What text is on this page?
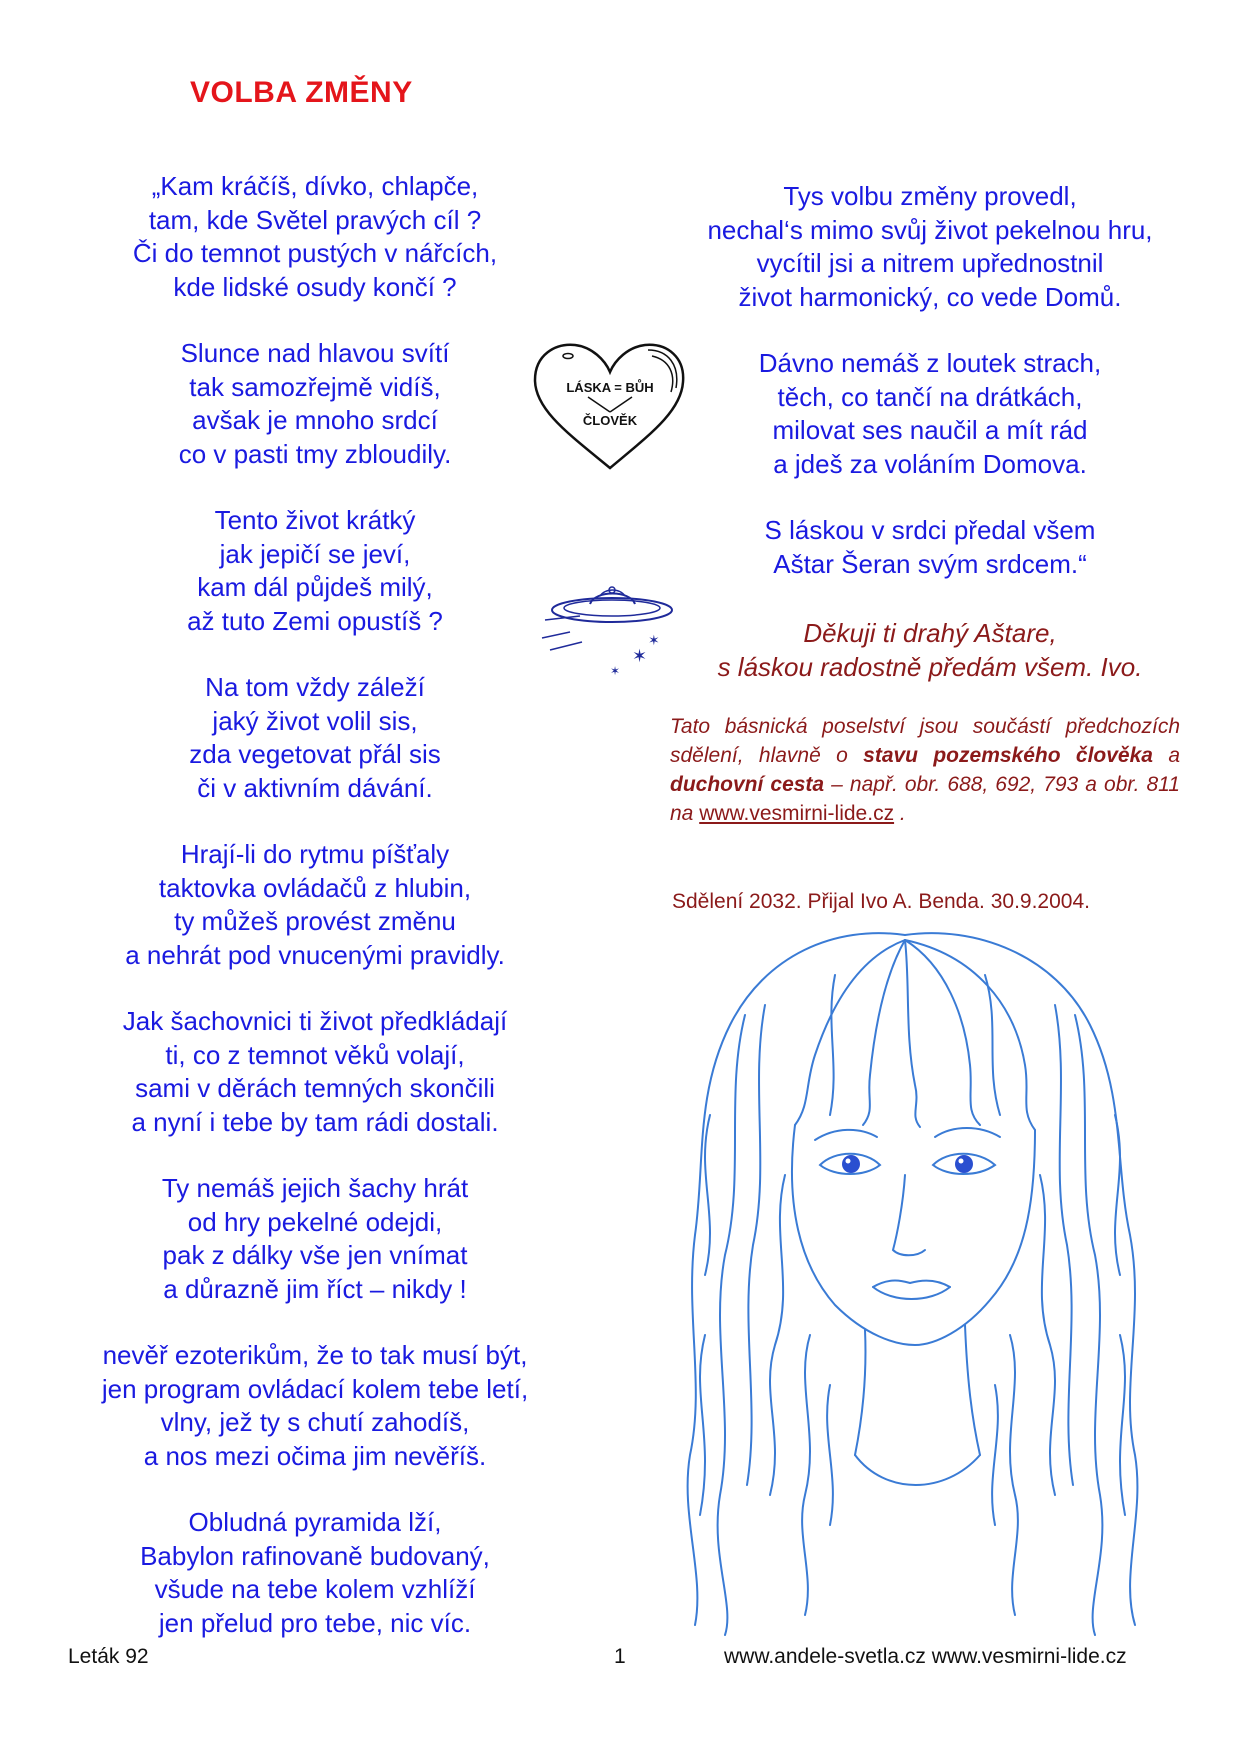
VOLBA ZMĚNY
„Kam kráčíš, dívko, chlapče,
tam, kde Světel pravých cíl ?
Či do temnot pustých v nářcích,
kde lidské osudy končí ?
Slunce nad hlavou svítí
tak samozřejmě vidíš,
avšak je mnoho srdcí
co v pasti tmy zbloudily.
Tento život krátký
jak jepičí se jeví,
kam dál půjdeš milý,
až tuto Zemi opustíš ?
Na tom vždy záleží
jaký život volil sis,
zda vegetovat přál sis
či v aktivním dávání.
Hrají-li do rytmu píšťaly
taktovka ovládačů z hlubin,
ty můžeš provést změnu
a nehrát pod vnucenými pravidly.
Jak šachovnici ti život předkládají
ti, co z temnot věků volají,
sami v děrách temných skončili
a nyní i tebe by tam rádi dostali.
Ty nemáš jejich šachy hrát
od hry pekelné odejdi,
pak z dálky vše jen vnímat
a důrazně jim říct – nikdy !
nevěř ezoterikům, že to tak musí být,
jen program ovládací kolem tebe letí,
vlny, jež ty s chutí zahodíš,
a nos mezi očima jim nevěříš.
Obludná pyramida lží,
Babylon rafinovaně budovaný,
všude na tebe kolem vzhlíží
jen přelud pro tebe, nic víc.
Tys volbu změny provedl,
nechal‘s mimo svůj život pekelnou hru,
vycítil jsi a nitrem upřednostnil
život harmonický, co vede Domů.
Dávno nemáš z loutek strach,
těch, co tančí na drátkách,
milovat ses naučil a mít rád
a jdeš za voláním Domova.
S láskou v srdci předal všem
Aštar Šeran svým srdcem.“
LÁSKA = BŮH
ČLOVĚK
✶
✶
✶
Děkuji ti drahý Aštare,
s láskou radostně předám všem. Ivo.

Tato básnická poselství jsou součástí předchozích sdělení, hlavně o stavu pozemského člověka a duchovní cesta – např. obr. 688, 692, 793 a obr. 811 na www.vesmirni-lide.cz .

Sdělení 2032. Přijal Ivo A. Benda. 30.9.2004.
Leták 92	1	www.andele-svetla.cz www.vesmirni-lide.cz
